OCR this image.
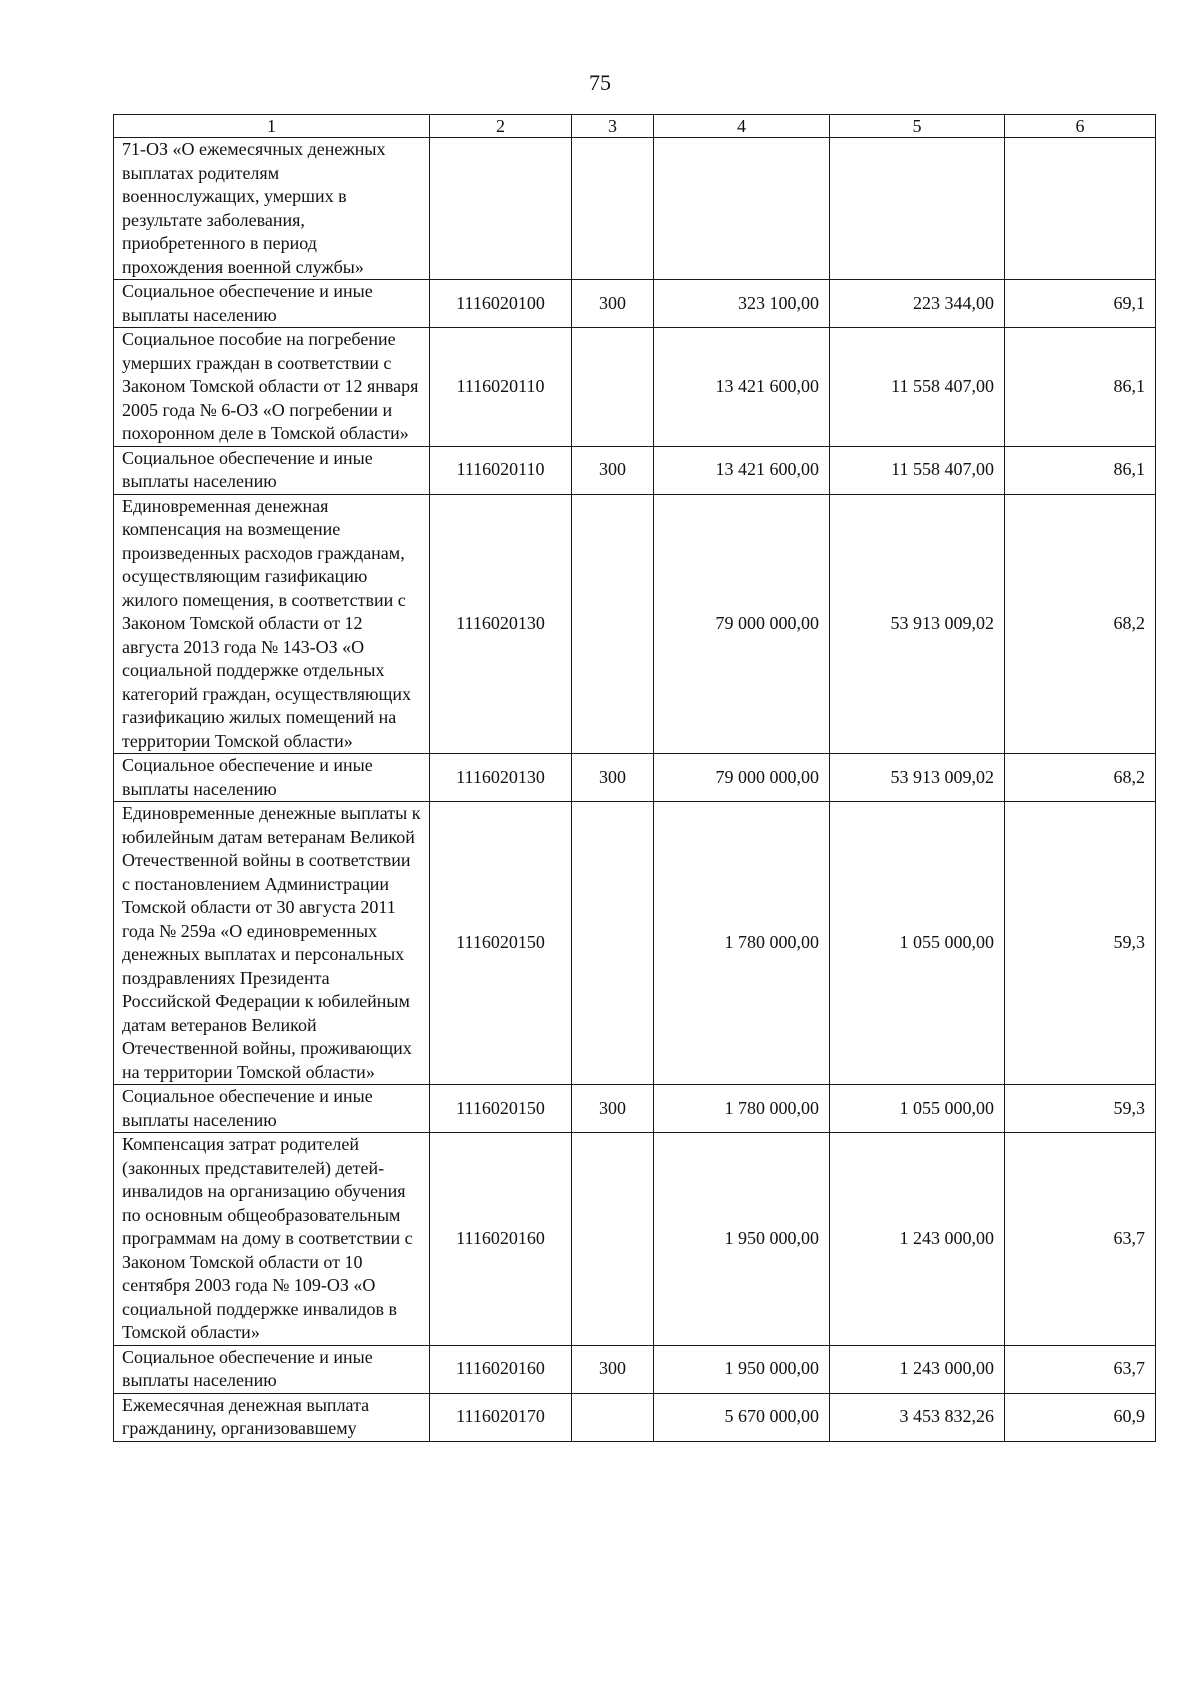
75
1	2	3	4	5	6
71-ОЗ «О ежемесячных денежных выплатах родителям военнослужащих, умерших в результате заболевания, приобретенного в период прохождения военной службы»					
Социальное обеспечение и иные выплаты населению	1116020100	300	323 100,00	223 344,00	69,1
Социальное пособие на погребение умерших граждан в соответствии с Законом Томской области от 12 января 2005 года № 6-ОЗ «О погребении и похоронном деле в Томской области»	1116020110		13 421 600,00	11 558 407,00	86,1
Социальное обеспечение и иные выплаты населению	1116020110	300	13 421 600,00	11 558 407,00	86,1
Единовременная денежная компенсация на возмещение произведенных расходов гражданам, осуществляющим газификацию жилого помещения, в соответствии с Законом Томской области от 12 августа 2013 года № 143-ОЗ «О социальной поддержке отдельных категорий граждан, осуществляющих газификацию жилых помещений на территории Томской области»	1116020130		79 000 000,00	53 913 009,02	68,2
Социальное обеспечение и иные выплаты населению	1116020130	300	79 000 000,00	53 913 009,02	68,2
Единовременные денежные выплаты к юбилейным датам ветеранам Великой Отечественной войны в соответствии с постановлением Администрации Томской области от 30 августа 2011 года № 259а «О единовременных денежных выплатах и персональных поздравлениях Президента Российской Федерации к юбилейным датам ветеранов Великой Отечественной войны, проживающих на территории Томской области»	1116020150		1 780 000,00	1 055 000,00	59,3
Социальное обеспечение и иные выплаты населению	1116020150	300	1 780 000,00	1 055 000,00	59,3
Компенсация затрат родителей (законных представителей) детей-инвалидов на организацию обучения по основным общеобразовательным программам на дому в соответствии с Законом Томской области от 10 сентября 2003 года № 109-ОЗ «О социальной поддержке инвалидов в Томской области»	1116020160		1 950 000,00	1 243 000,00	63,7
Социальное обеспечение и иные выплаты населению	1116020160	300	1 950 000,00	1 243 000,00	63,7
Ежемесячная денежная выплата гражданину, организовавшему	1116020170		5 670 000,00	3 453 832,26	60,9
